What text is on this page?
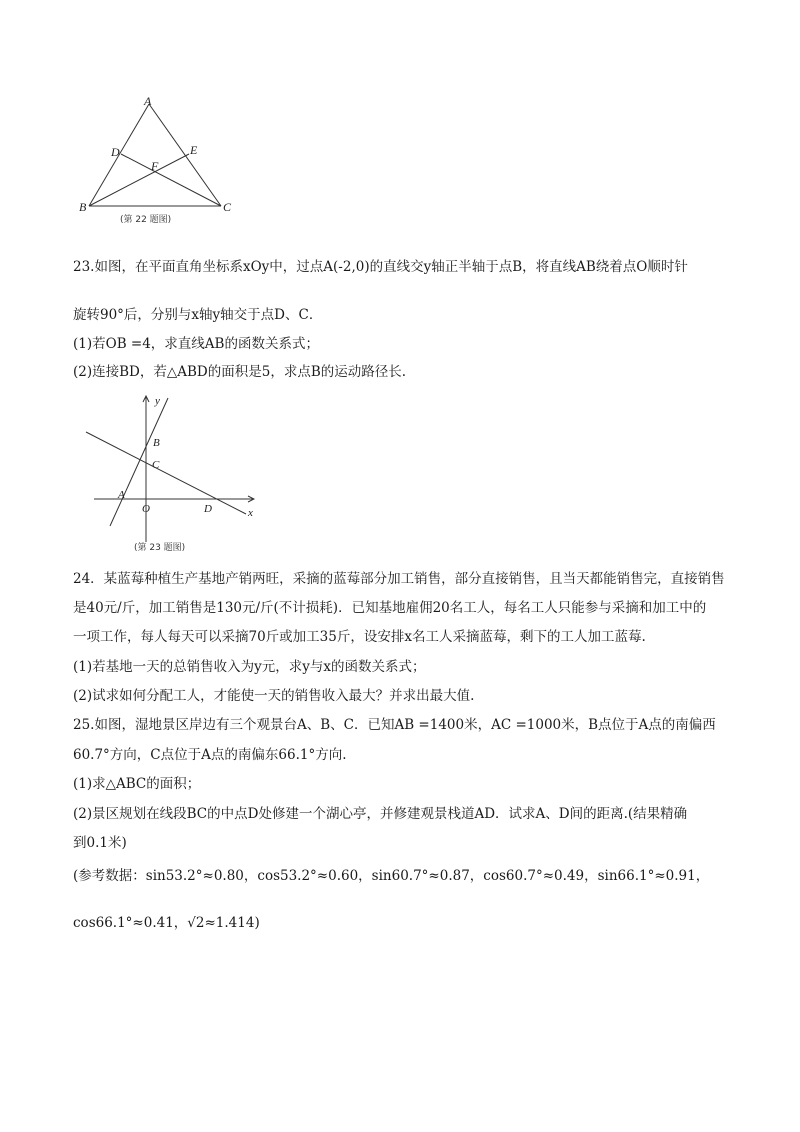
A
D	E
F
B	C
(第 22 题图)
23.如图，在平面直角坐标系xOy中，过点A(-2,0)的直线交y轴正半轴于点B，将直线AB绕着点O顺时针
旋转90°后，分别与x轴y轴交于点D、C．
(1)若OB =4，求直线AB的函数关系式；
(2)连接BD，若△ABD的面积是5，求点B的运动路径长.
y
x
O
A
B
C
D
(第 23 题图)
24．某蓝莓种植生产基地产销两旺，采摘的蓝莓部分加工销售，部分直接销售，且当天都能销售完，直接销售
是40元/斤，加工销售是130元/斤(不计损耗)．已知基地雇佣20名工人，每名工人只能参与采摘和加工中的
一项工作，每人每天可以采摘70斤或加工35斤，设安排x名工人采摘蓝莓，剩下的工人加工蓝莓.
(1)若基地一天的总销售收入为y元，求y与x的函数关系式；
(2)试求如何分配工人，才能使一天的销售收入最大？并求出最大值.
25.如图，湿地景区岸边有三个观景台A、B、C．已知AB =1400米，AC =1000米，B点位于A点的南偏西
60.7°方向，C点位于A点的南偏东66.1°方向.
(1)求△ABC的面积；
(2)景区规划在线段BC的中点D处修建一个湖心亭，并修建观景栈道AD．试求A、D间的距离.(结果精确
到0.1米)
(参考数据：sin53.2°≈0.80，cos53.2°≈0.60，sin60.7°≈0.87，cos60.7°≈0.49，sin66.1°≈0.91，
cos66.1°≈0.41，√2≈1.414)
